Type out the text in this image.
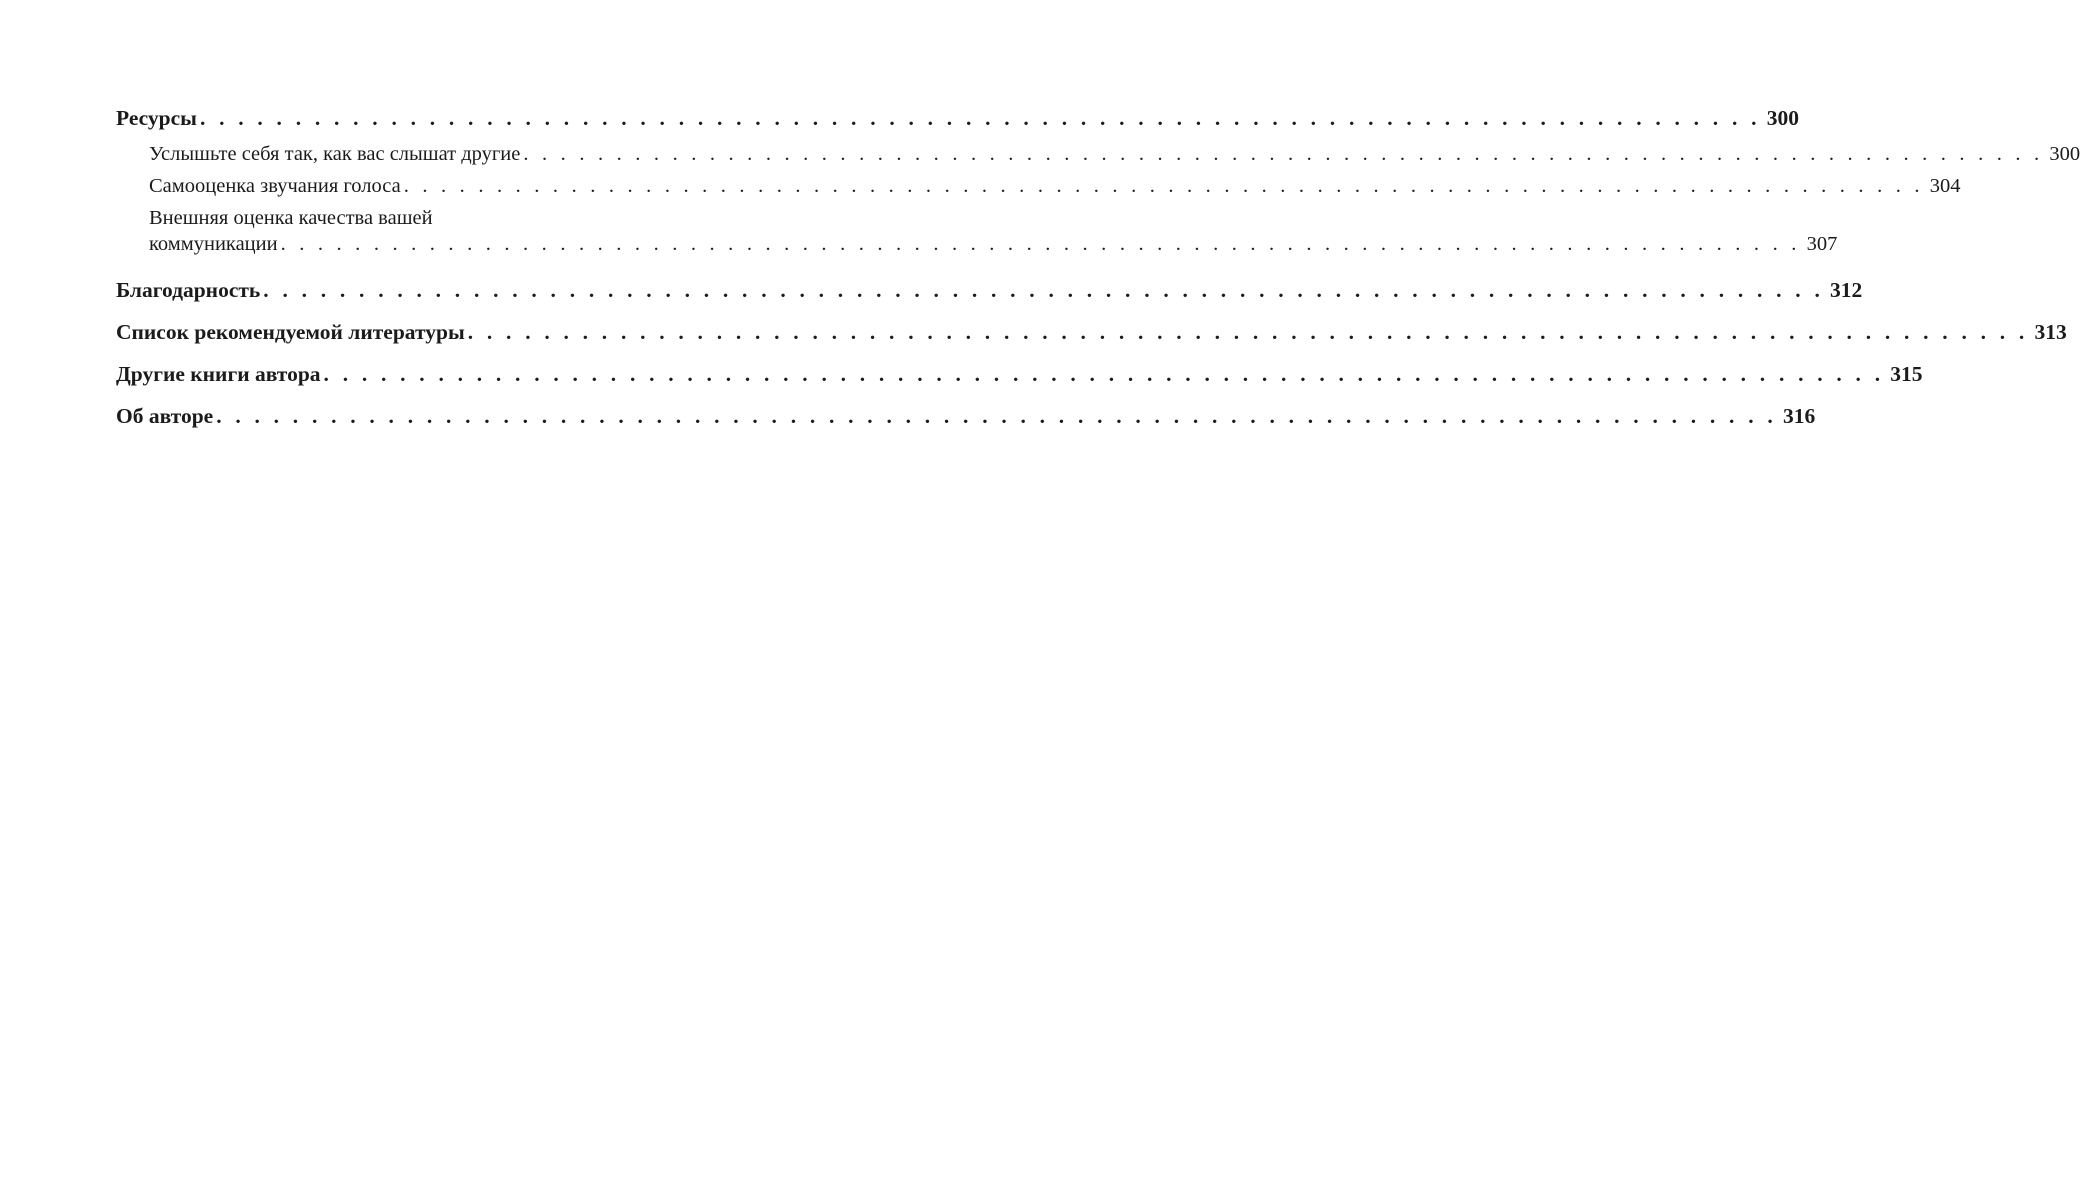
Ресурсы . . . . . . . . . . . . . . . . . . . . . . . . . . . . . . . . . . . . . . . . . . . . . . . . . . . . . . . . . . . . . . . . . . . . . . . . . . . . . . . . . . 300
Услышьте себя так, как вас слышат другие . . . . . . . . . . . . . . . . . . . . . . . . . . . . . . . . . . . . . . . . . . . . . . . . . . . . . . . . . . . . . . . . . . . . . . . . . . . . . . . . . . 300
Самооценка звучания голоса . . . . . . . . . . . . . . . . . . . . . . . . . . . . . . . . . . . . . . . . . . . . . . . . . . . . . . . . . . . . . . . . . . . . . . . . . . . . . . . . . . 304
Внешняя оценка качества вашей
коммуникации . . . . . . . . . . . . . . . . . . . . . . . . . . . . . . . . . . . . . . . . . . . . . . . . . . . . . . . . . . . . . . . . . . . . . . . . . . . . . . . . . . 307
Благодарность . . . . . . . . . . . . . . . . . . . . . . . . . . . . . . . . . . . . . . . . . . . . . . . . . . . . . . . . . . . . . . . . . . . . . . . . . . . . . . . . . . 312
Список рекомендуемой литературы . . . . . . . . . . . . . . . . . . . . . . . . . . . . . . . . . . . . . . . . . . . . . . . . . . . . . . . . . . . . . . . . . . . . . . . . . . . . . . . . . . 313
Другие книги автора . . . . . . . . . . . . . . . . . . . . . . . . . . . . . . . . . . . . . . . . . . . . . . . . . . . . . . . . . . . . . . . . . . . . . . . . . . . . . . . . . . 315
Об авторе . . . . . . . . . . . . . . . . . . . . . . . . . . . . . . . . . . . . . . . . . . . . . . . . . . . . . . . . . . . . . . . . . . . . . . . . . . . . . . . . . . 316
